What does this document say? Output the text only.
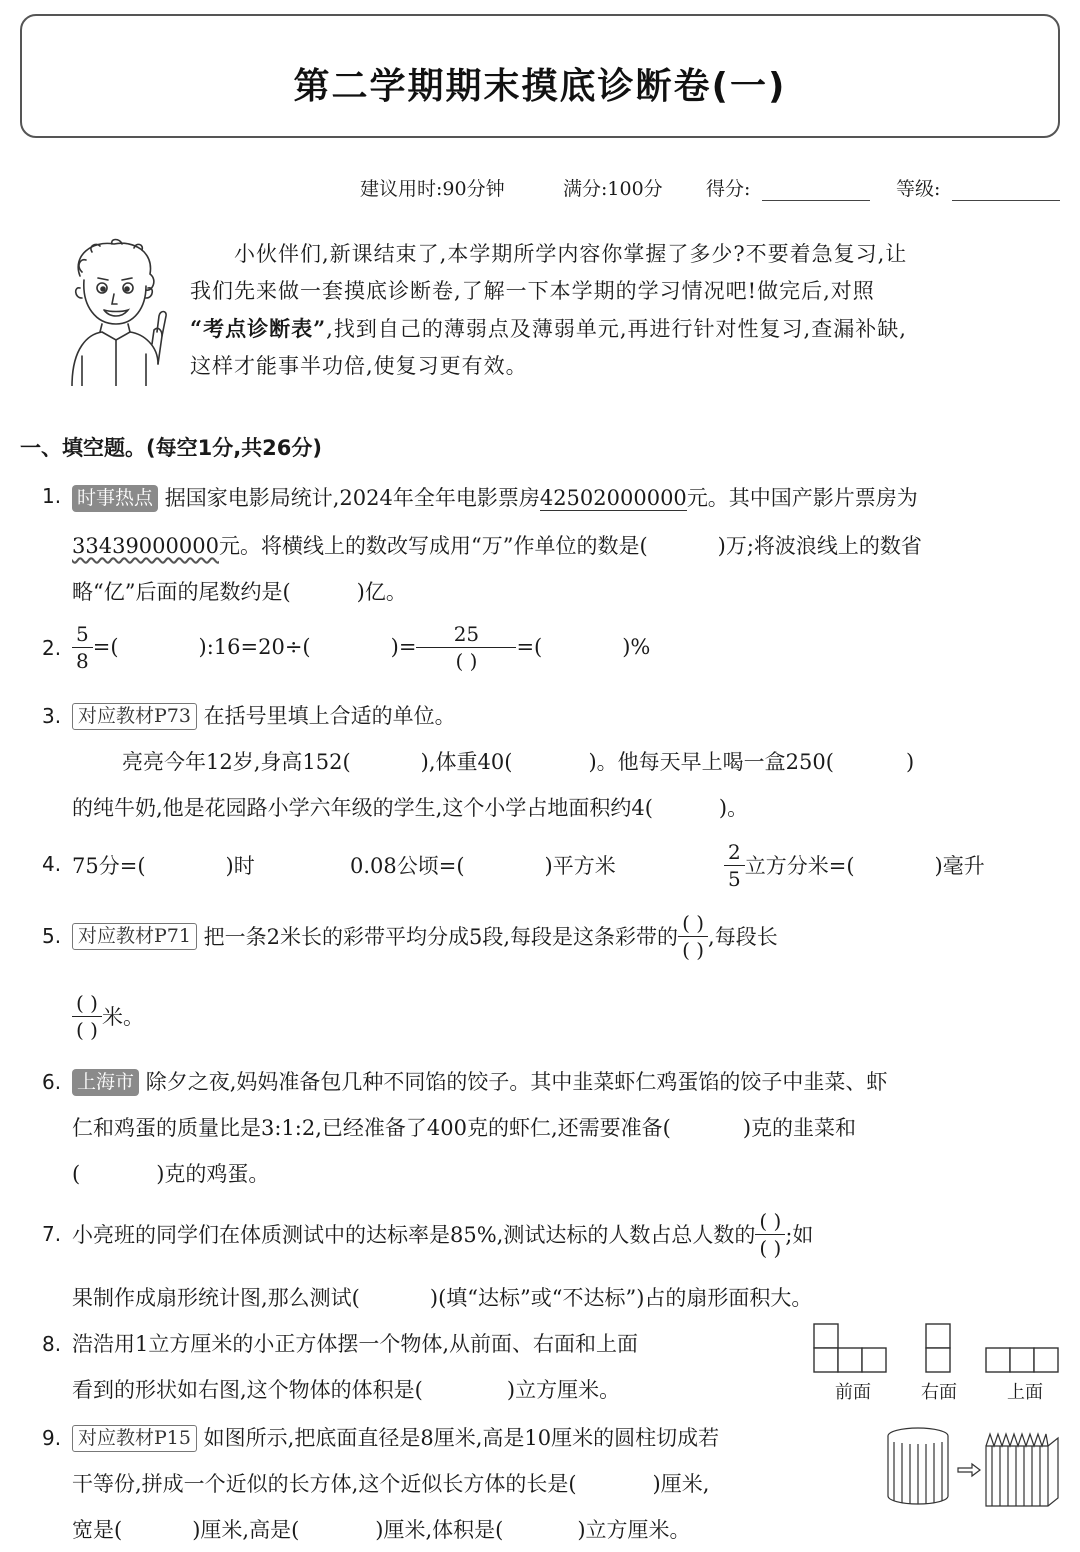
第二学期期末摸底诊断卷(一)
建议用时:90分钟	满分:100分 得分:	等级:

小伙伴们,新课结束了,本学期所学内容你掌握了多少?不要着急复习,让

我们先来做一套摸底诊断卷,了解一下本学期的学习情况吧!做完后,对照

“考点诊断表”,找到自己的薄弱点及薄弱单元,再进行针对性复习,查漏补缺,

这样才能事半功倍,使复习更有效。

一、填空题。(每空1分,共26分)
1. 时事热点 据国家电影局统计,2024年全年电影票房42502000000元。其中国产影片票房为
33439000000元。将横线上的数改写成用“万”作单位的数是(	)万;将波浪线上的数省
略“亿”后面的尾数约是(	)亿。
2. $\frac{5}{8}$ =(	):16=20÷(	)= $\frac{25}{( )}$ =(	)%
3. 对应教材P73 在括号里填上合适的单位。
亮亮今年12岁,身高152(	),体重40(	)。他每天早上喝一盒250(	)
的纯牛奶,他是花园路小学六年级的学生,这个小学占地面积约4(	)。
4. 75分=(	)时	0.08公顷=(	)平方米	$\frac{2}{5}$ 立方分米=(	)毫升
5. 对应教材P71
把一条2米长的彩带平均分成5段,每段是这条彩带的 $\frac{( )}{( )}$ ,每段长
$\frac{( )}{( )}$ 米。
6. 上海市 除夕之夜,妈妈准备包几种不同馅的饺子。其中韭菜虾仁鸡蛋馅的饺子中韭菜、虾
仁和鸡蛋的质量比是3:1:2,已经准备了400克的虾仁,还需要准备(	)克的韭菜和
(	)克的鸡蛋。
7. 小亮班的同学们在体质测试中的达标率是85%,测试达标的人数占总人数的 $\frac{( )}{( )}$ ;如
果制作成扇形统计图,那么测试(	)(填“达标”或“不达标”)占的扇形面积大。
8. 浩浩用1立方厘米的小正方体摆一个物体,从前面、右面和上面
看到的形状如右图,这个物体的体积是(	)立方厘米。	前面	右面	上面
9. 对应教材P15 如图所示,把底面直径是8厘米,高是10厘米的圆柱切成若
干等份,拼成一个近似的长方体,这个近似长方体的长是(	)厘米,
宽是(	)厘米,高是(	)厘米,体积是(	)立方厘米。
